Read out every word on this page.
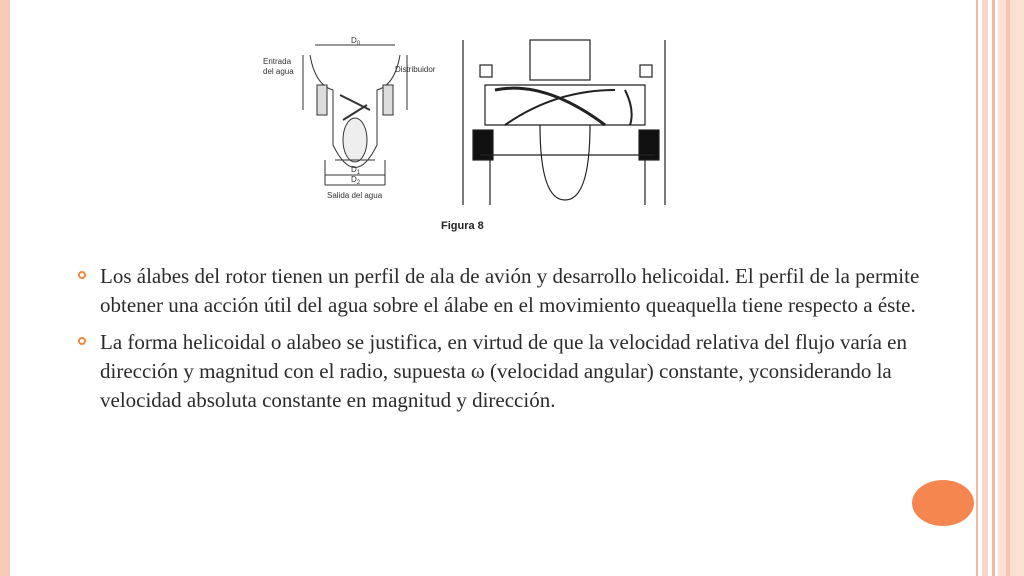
$D_0$
Entrada
del agua	Distribuidor
$D_1$
$D_2$
Salida del agua
Figura 8
Los álabes del rotor tienen un perfil de ala de avión y desarrollo helicoidal. El perfil de la permite obtener una acción útil del agua sobre el álabe en el movimiento queaquella tiene respecto a éste.
La forma helicoidal o alabeo se justifica, en virtud de que la velocidad relativa del flujo varía en dirección y magnitud con el radio, supuesta ω (velocidad angular) constante, yconsiderando la velocidad absoluta constante en magnitud y dirección.
